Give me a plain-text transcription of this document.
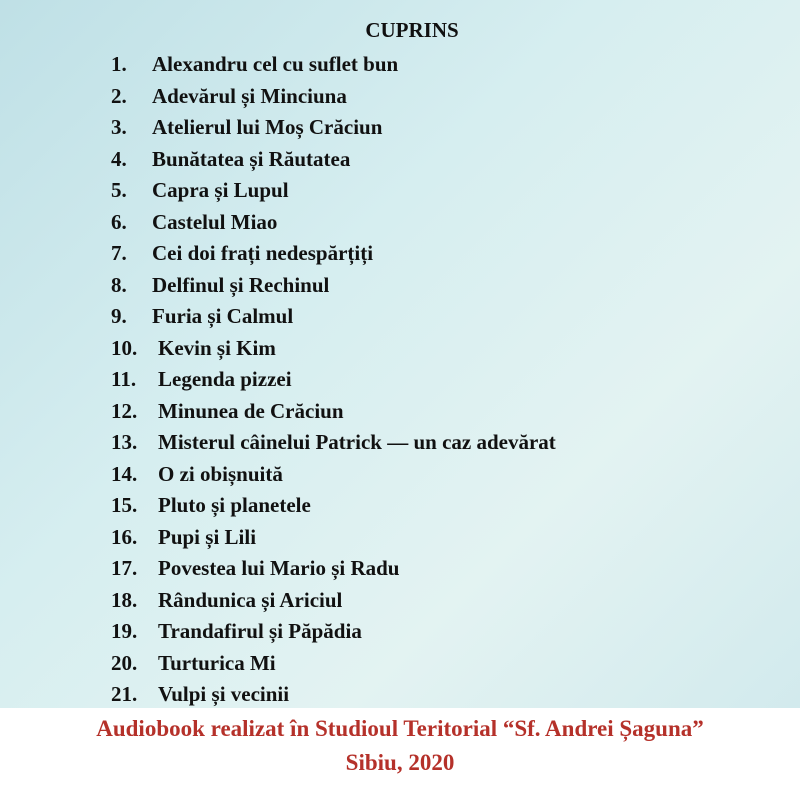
CUPRINS
1. Alexandru cel cu suflet bun
2. Adevărul și Minciuna
3. Atelierul lui Moș Crăciun
4. Bunătatea și Răutatea
5. Capra și Lupul
6. Castelul Miao
7. Cei doi frați nedespărțiți
8. Delfinul și Rechinul
9. Furia și Calmul
10. Kevin și Kim
11. Legenda pizzei
12. Minunea de Crăciun
13. Misterul câinelui Patrick — un caz adevărat
14. O zi obișnuită
15. Pluto și planetele
16. Pupi și Lili
17. Povestea lui Mario și Radu
18. Rândunica și Ariciul
19. Trandafirul și Păpădia
20. Turturica Mi
21. Vulpi și vecinii
Audiobook realizat în Studioul Teritorial “Sf. Andrei Șaguna”
Sibiu, 2020
